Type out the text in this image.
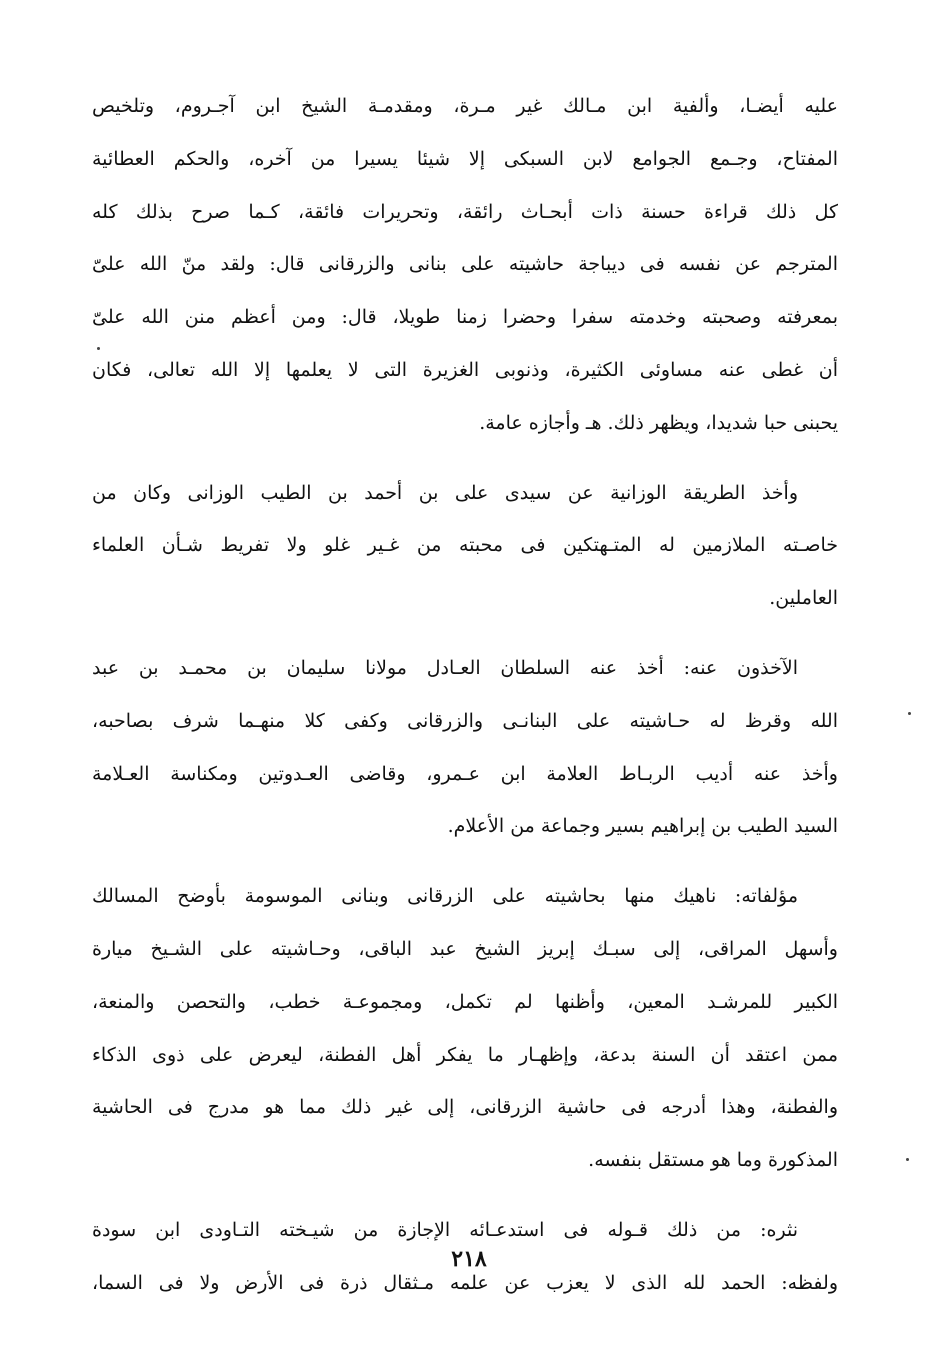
عليه أيضـا، وألفية ابن مـالك غير مـرة، ومقدمـة الشيخ ابن آجـروم، وتلخيص
المفتاح، وجـمع الجوامع لابن السبكى إلا شيئا يسيرا من آخره، والحكم العطائية
كل ذلك قراءة حسنة ذات أبحـاث رائقة، وتحريرات فائقة، كـما صرح بذلك كله
المترجم عن نفسه فى ديباجة حاشيته على بنانى والزرقانى قال: ولقد منّ الله علىّ
بمعرفته وصحبته وخدمته سفرا وحضرا زمنا طويلا، قال: ومن أعظم منن الله علىّ
أن غطى عنه مساوئى الكثيرة، وذنوبى الغزيرة التى لا يعلمها إلا الله تعالى، فكان
يحبنى حبا شديدا، ويظهر ذلك. هـ وأجازه عامة.
وأخذ الطريقة الوزانية عن سيدى على بن أحمد بن الطيب الوزانى وكان من
خاصـته الملازمين له المتـهتكين فى محبته من غـير غلو ولا تفريط شـأن العلماء
العاملين.
الآخذون عنه: أخذ عنه السلطان العـادل مولانا سليمان بن محمـد بن عبد
الله وقرظ له حـاشيته على البنانـى والزرقانى وكفى كلا منهـما شرف بصاحبه،
وأخذ عنه أديب الربـاط العلامة ابن عـمرو، وقاضى العـدوتين ومكناسة العـلامة
السيد الطيب بن إبراهيم بسير وجماعة من الأعلام.
مؤلفاته: ناهيك منها بحاشيته على الزرقانى وبنانى الموسومة بأوضح المسالك
وأسهل المراقى، إلى سبـك إبريز الشيخ عبد الباقى، وحـاشيته على الشـيخ ميارة
الكبير للمرشـد المعين، وأظنها لم تكمل، ومجموعـة خطب، والتحصن والمنعة،
ممن اعتقد أن السنة بدعة، وإظهـار ما يفكر أهل الفطنة، ليعرض على ذوى الذكاء
والفطنة، وهذا أدرجه فى حاشية الزرقانى، إلى غير ذلك مما هو مدرج فى الحاشية
المذكورة وما هو مستقل بنفسه.
نثره: من ذلك قـوله فى استدعـائه الإجازة من شيـخته التـاودى ابن سودة
ولفظه: الحمد لله الذى لا يعزب عن علمه مـثقال ذرة فى الأرض ولا فى السما،
٢١٨
